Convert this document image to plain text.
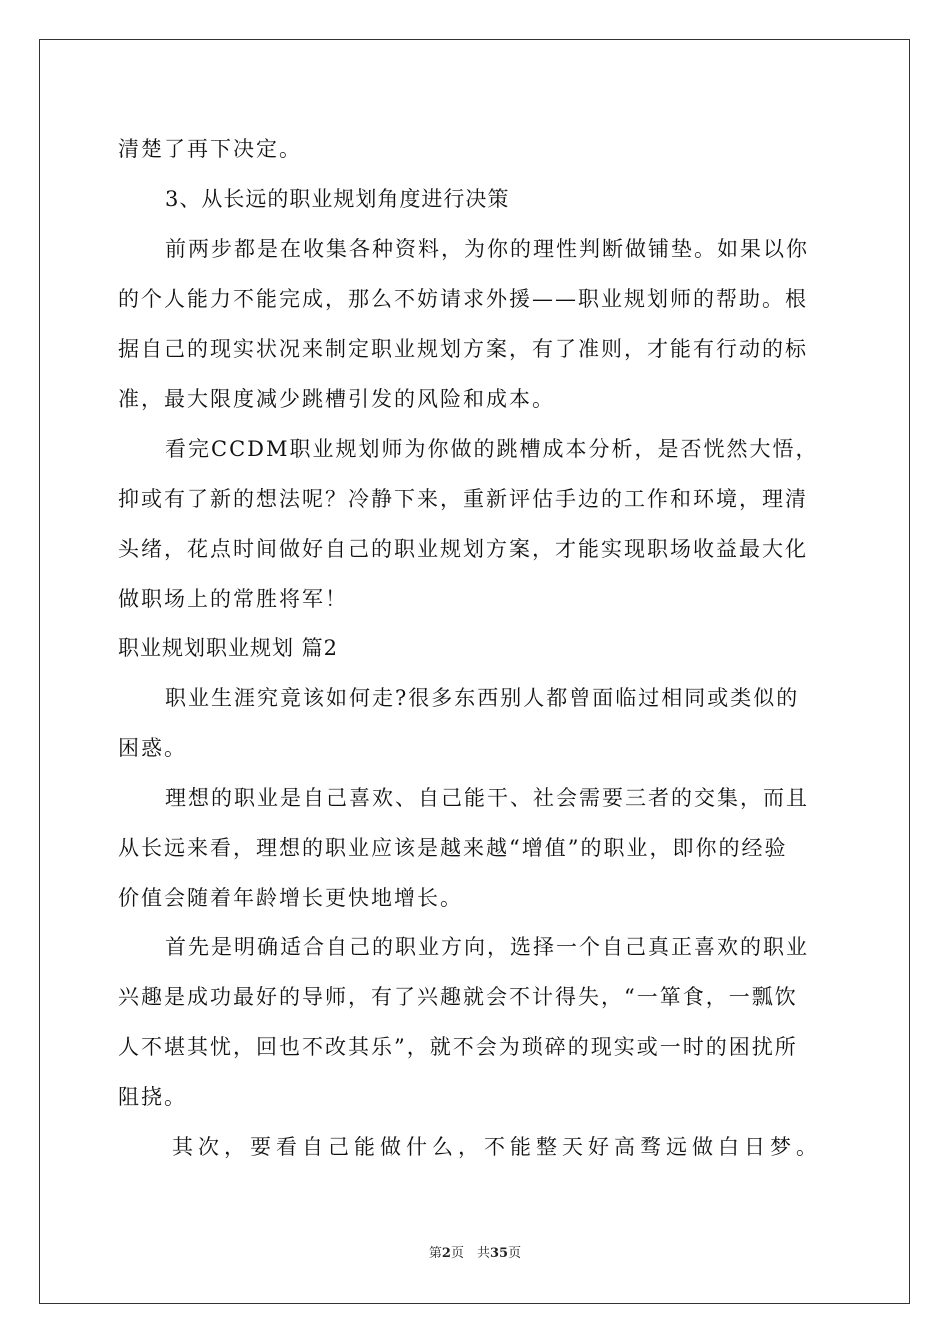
清楚了再下决定。
3、从长远的职业规划角度进行决策
前两步都是在收集各种资料，为你的理性判断做铺垫。如果以你
的个人能力不能完成，那么不妨请求外援——职业规划师的帮助。根
据自己的现实状况来制定职业规划方案，有了准则，才能有行动的标
准，最大限度减少跳槽引发的风险和成本。
看完CCDM职业规划师为你做的跳槽成本分析，是否恍然大悟，
抑或有了新的想法呢？冷静下来，重新评估手边的工作和环境，理清
头绪，花点时间做好自己的职业规划方案，才能实现职场收益最大化
做职场上的常胜将军！
职业规划职业规划 篇2
职业生涯究竟该如何走?很多东西别人都曾面临过相同或类似的
困惑。
理想的职业是自己喜欢、自己能干、社会需要三者的交集，而且
从长远来看，理想的职业应该是越来越“增值”的职业，即你的经验
价值会随着年龄增长更快地增长。
首先是明确适合自己的职业方向，选择一个自己真正喜欢的职业
兴趣是成功最好的导师，有了兴趣就会不计得失，“一箪食，一瓢饮
人不堪其忧，回也不改其乐”，就不会为琐碎的现实或一时的困扰所
阻挠。
其次，要看自己能做什么，不能整天好高骛远做白日梦。
第2页　共35页
